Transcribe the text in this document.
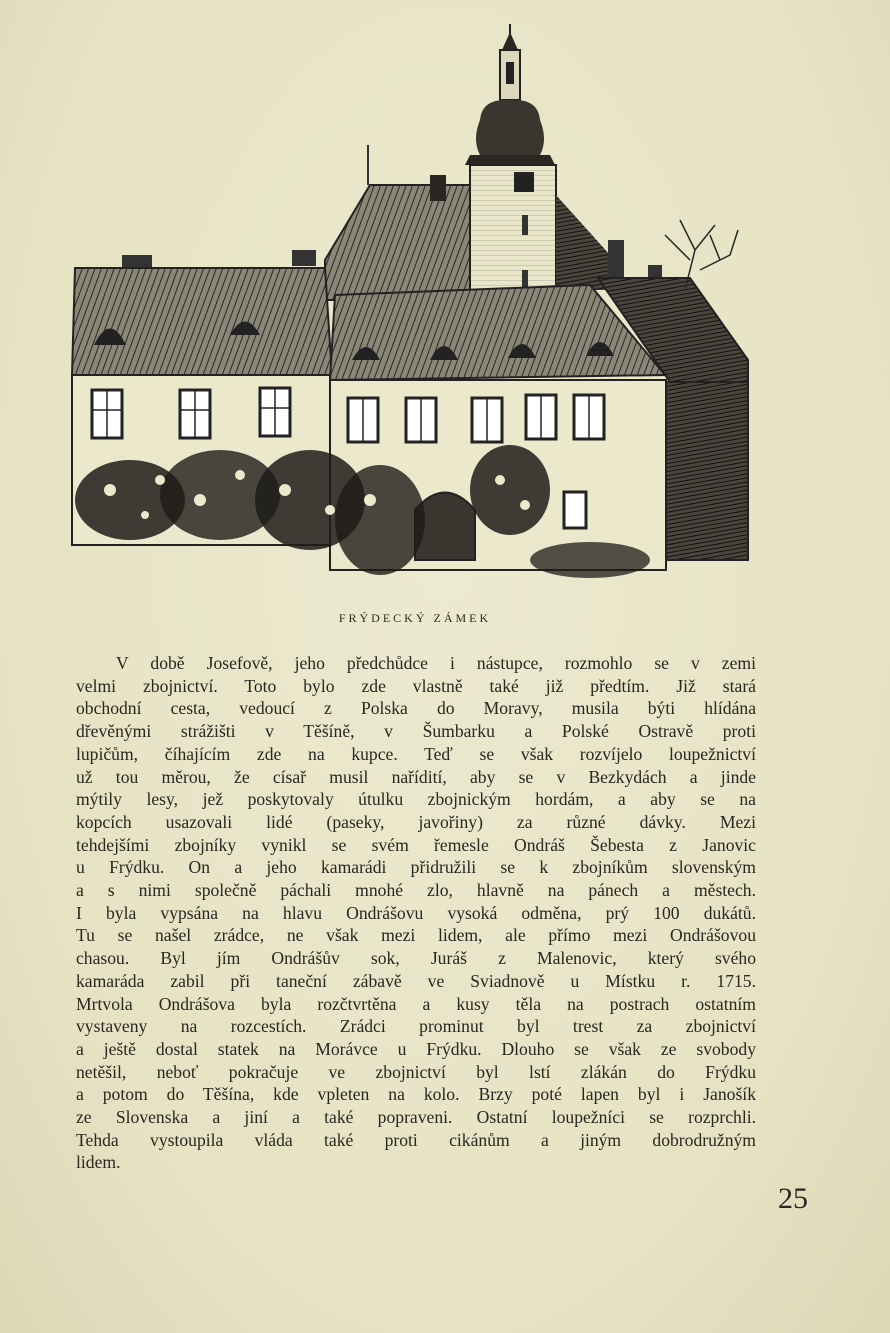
FRÝDECKÝ ZÁMEK
V době Josefově, jeho předchůdce i nástupce, rozmohlo se v zemi
velmi zbojnictví. Toto bylo zde vlastně také již předtím. Již stará
obchodní cesta, vedoucí z Polska do Moravy, musila býti hlídána
dřevěnými strážišti v Těšíně, v Šumbarku a Polské Ostravě proti
lupičům, číhajícím zde na kupce. Teď se však rozvíjelo loupežnictví
už tou měrou, že císař musil nařídití, aby se v Bezkydách a jinde
mýtily lesy, jež poskytovaly útulku zbojnickým hordám, a aby se na
kopcích usazovali lidé (paseky, javořiny) za různé dávky. Mezi
tehdejšími zbojníky vynikl se svém řemesle Ondráš Šebesta z Janovic
u Frýdku. On a jeho kamarádi přidružili se k zbojníkům slovenským
a s nimi společně páchali mnohé zlo, hlavně na pánech a městech.
I byla vypsána na hlavu Ondrášovu vysoká odměna, prý 100 dukátů.
Tu se našel zrádce, ne však mezi lidem, ale přímo mezi Ondrášovou
chasou. Byl jím Ondrášův sok, Juráš z Malenovic, který svého
kamaráda zabil při taneční zábavě ve Sviadnově u Místku r. 1715.
Mrtvola Ondrášova byla rozčtvrtěna a kusy těla na postrach ostatním
vystaveny na rozcestích. Zrádci prominut byl trest za zbojnictví
a ještě dostal statek na Morávce u Frýdku. Dlouho se však ze svobody
netěšil, neboť pokračuje ve zbojnictví byl lstí zlákán do Frýdku
a potom do Těšína, kde vpleten na kolo. Brzy poté lapen byl i Janošík
ze Slovenska a jiní a také popraveni. Ostatní loupežníci se rozprchli.
Tehda vystoupila vláda také proti cikánům a jiným dobrodružným
lidem.
25
